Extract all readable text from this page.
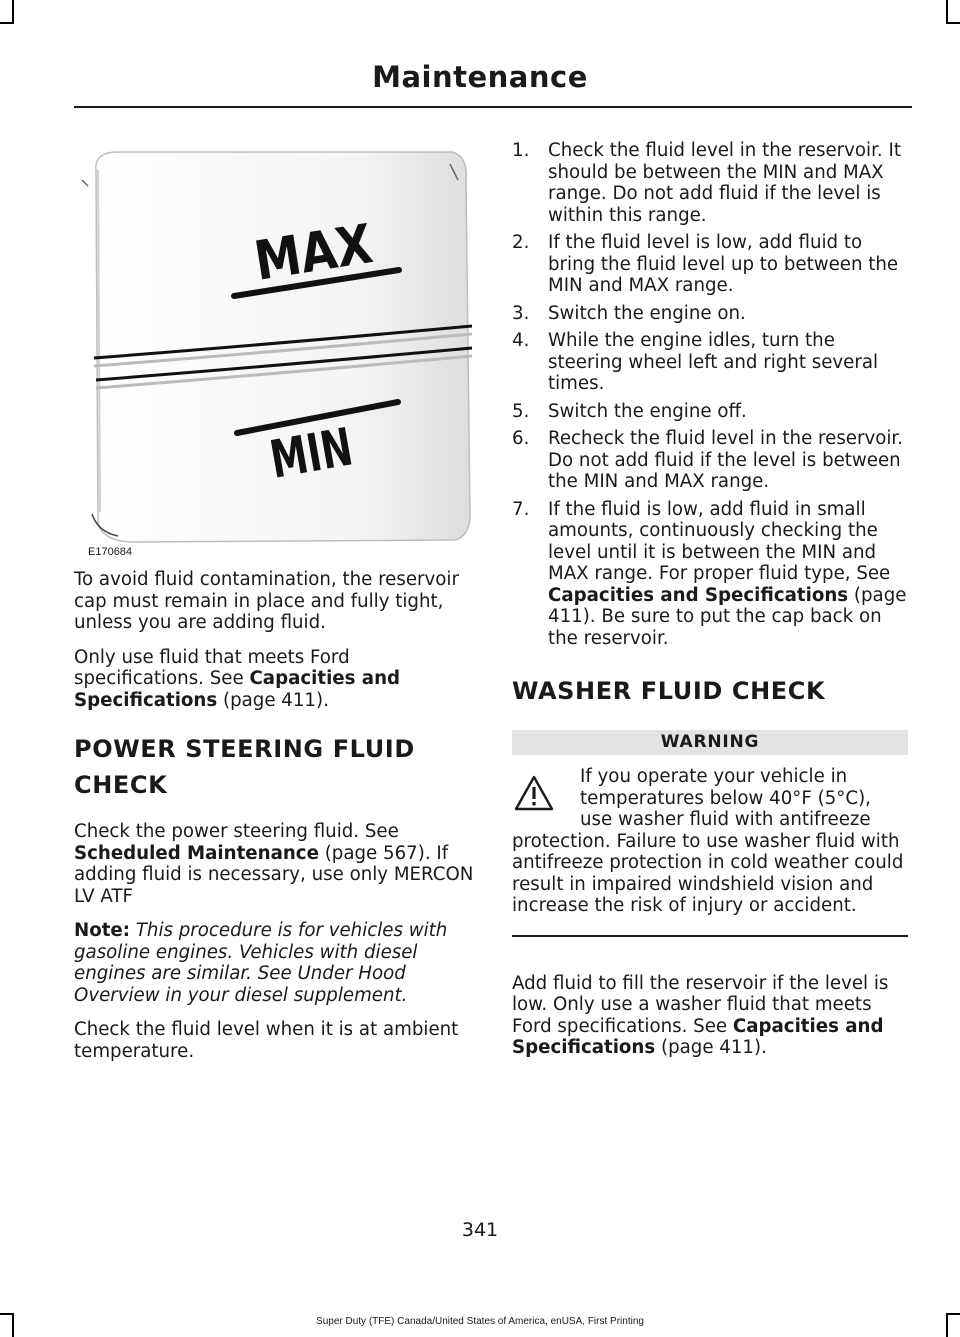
Maintenance
MAX
MIN
E170684

To avoid fluid contamination, the reservoir cap must remain in place and fully tight, unless you are adding fluid.

Only use fluid that meets Ford specifications. See Capacities and Specifications (page 411).

POWER STEERING FLUID
CHECK

Check the power steering fluid. See Scheduled Maintenance (page 567). If adding fluid is necessary, use only MERCON LV ATF

Note: This procedure is for vehicles with gasoline engines. Vehicles with diesel engines are similar. See Under Hood Overview in your diesel supplement.

Check the fluid level when it is at ambient temperature.

1. Check the fluid level in the reservoir. It should be between the MIN and MAX range. Do not add fluid if the level is within this range.
2. If the fluid level is low, add fluid to bring the fluid level up to between the MIN and MAX range.
3. Switch the engine on.
4. While the engine idles, turn the steering wheel left and right several times.
5. Switch the engine off.
6. Recheck the fluid level in the reservoir. Do not add fluid if the level is between the MIN and MAX range.
7. If the fluid is low, add fluid in small amounts, continuously checking the level until it is between the MIN and MAX range. For proper fluid type, See Capacities and Specifications (page 411). Be sure to put the cap back on the reservoir.
WASHER FLUID CHECK
WARNING
If you operate your vehicle in temperatures below 40°F (5°C), use washer fluid with antifreeze
protection. Failure to use washer fluid with antifreeze protection in cold weather could result in impaired windshield vision and increase the risk of injury or accident.

Add fluid to fill the reservoir if the level is low. Only use a washer fluid that meets Ford specifications. See Capacities and Specifications (page 411).

341
Super Duty (TFE) Canada/United States of America, enUSA, First Printing
